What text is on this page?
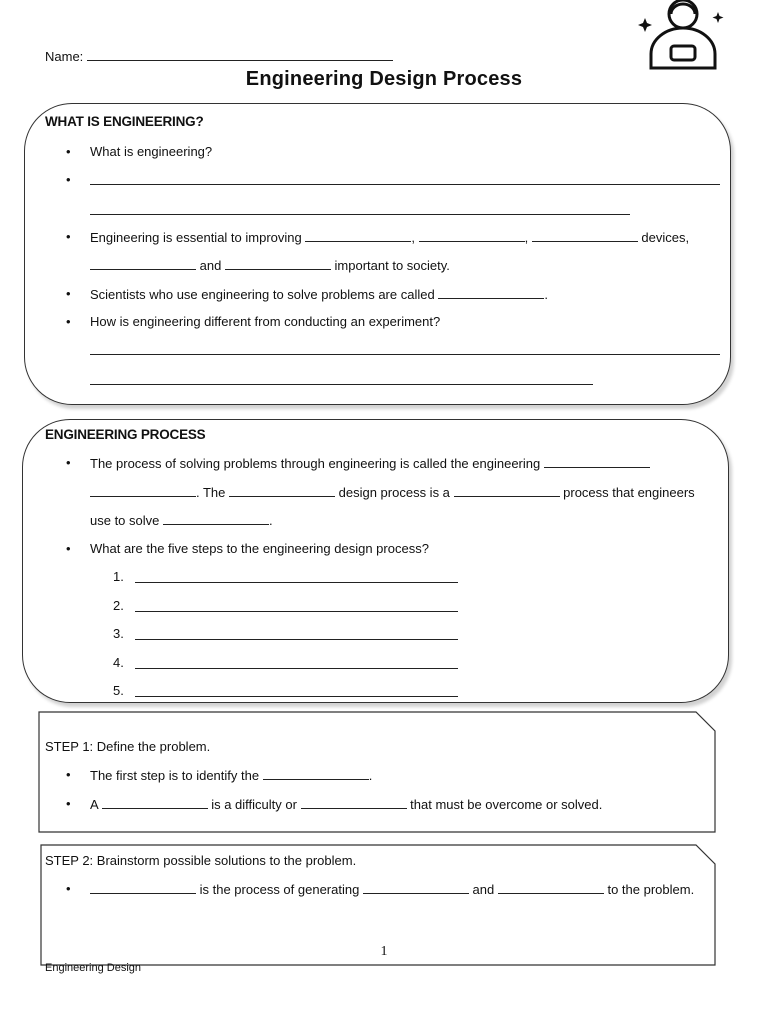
Name:
Engineering Design Process
WHAT IS ENGINEERING?
• What is engineering?
•
• Engineering is essential to improving	,	,	devices,
and	important to society.
• Scientists who use engineering to solve problems are called	.
• How is engineering different from conducting an experiment?
ENGINEERING PROCESS
• The process of solving problems through engineering is called the engineering
. The	design process is a	process that engineers
use to solve	.
• What are the five steps to the engineering design process?
1.
2.
3.
4.
5.
STEP 1: Define the problem.
• The first step is to identify the	.
• A	is a difficulty or	that must be overcome or solved.
STEP 2: Brainstorm possible solutions to the problem.
•	is the process of generating	and	to the problem.
1
Engineering Design
